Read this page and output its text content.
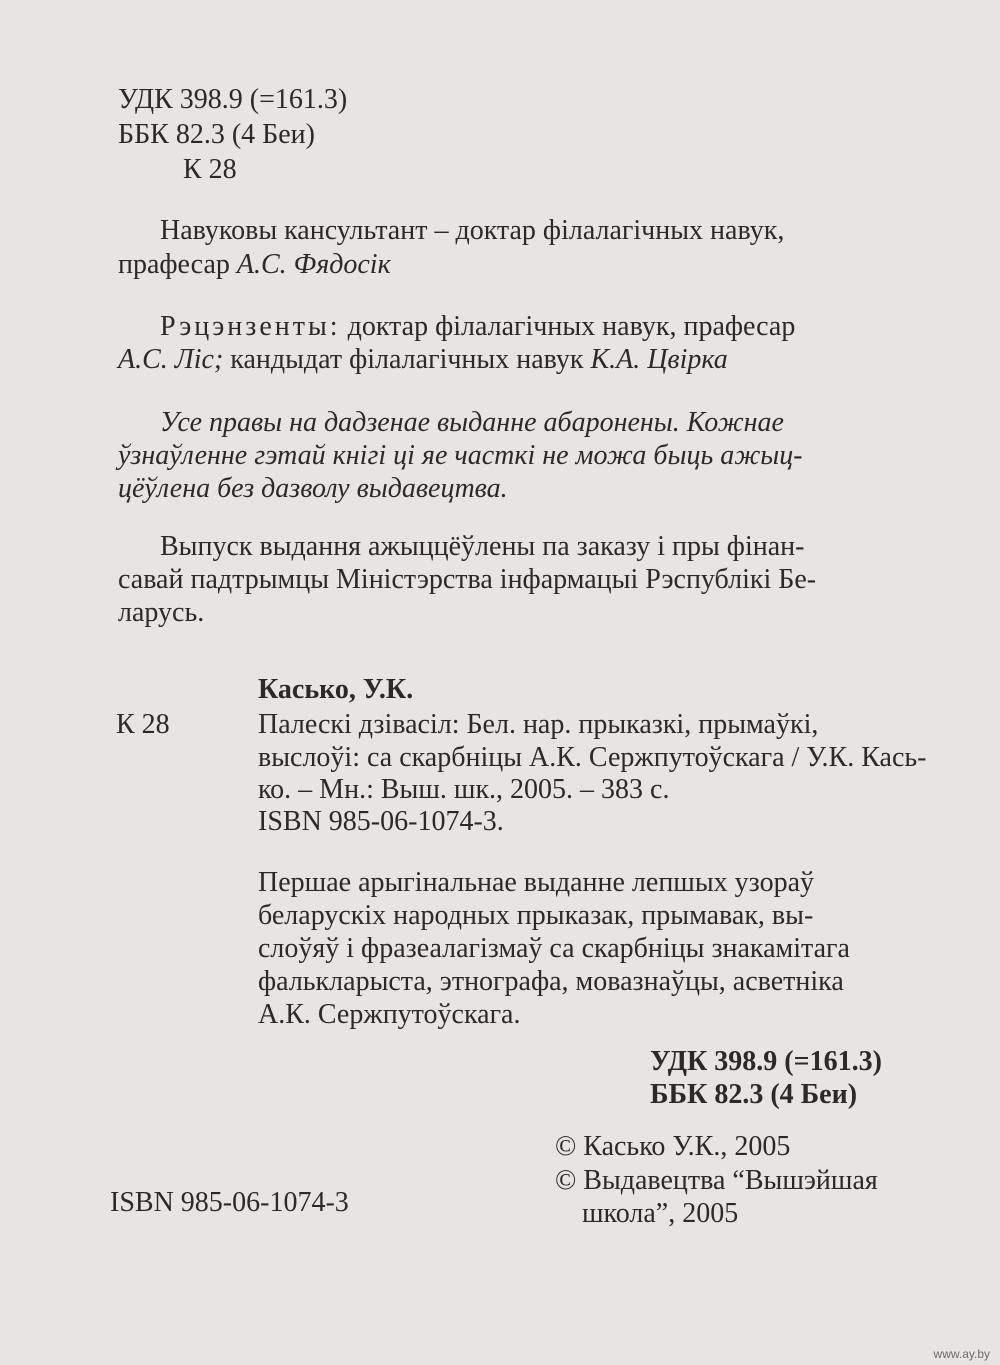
УДК 398.9 (=161.3)
ББК 82.3 (4 Беи)
К 28
Навуковы кансультант – доктар філалагічных навук,
прафесар А.С. Фядосік
Рэцэнзенты: доктар філалагічных навук, прафесар
А.С. Ліс; кандыдат філалагічных навук К.А. Цвірка
Усе правы на дадзенае выданне абаронены. Кожнае
ўзнаўленне гэтай кнігі ці яе часткі не можа быць ажыц-
цёўлена без дазволу выдавецтва.
Выпуск выдання ажыццёўлены па заказу і пры фінан-
савай падтрымцы Міністэрства інфармацыі Рэспублікі Бе-
ларусь.
Касько, У.К.
К 28	Палескі дзівасіл: Бел. нар. прыказкі, прымаўкі,
выслоўі: са скарбніцы А.К. Сержпутоўскага / У.К. Кась-
ко. – Мн.: Выш. шк., 2005. – 383 с.
ISBN 985-06-1074-3.
Першае арыгінальнае выданне лепшых узораў
беларускіх народных прыказак, прымавак, вы-
слоўяў і фразеалагізмаў са скарбніцы знакамітага
фалькларыста, этнографа, мовазнаўцы, асветніка
А.К. Сержпутоўскага.
УДК 398.9 (=161.3)
ББК 82.3 (4 Беи)
© Касько У.К., 2005
© Выдавецтва “Вышэйшая
школа”, 2005
ISBN 985-06-1074-3
www.ay.by
